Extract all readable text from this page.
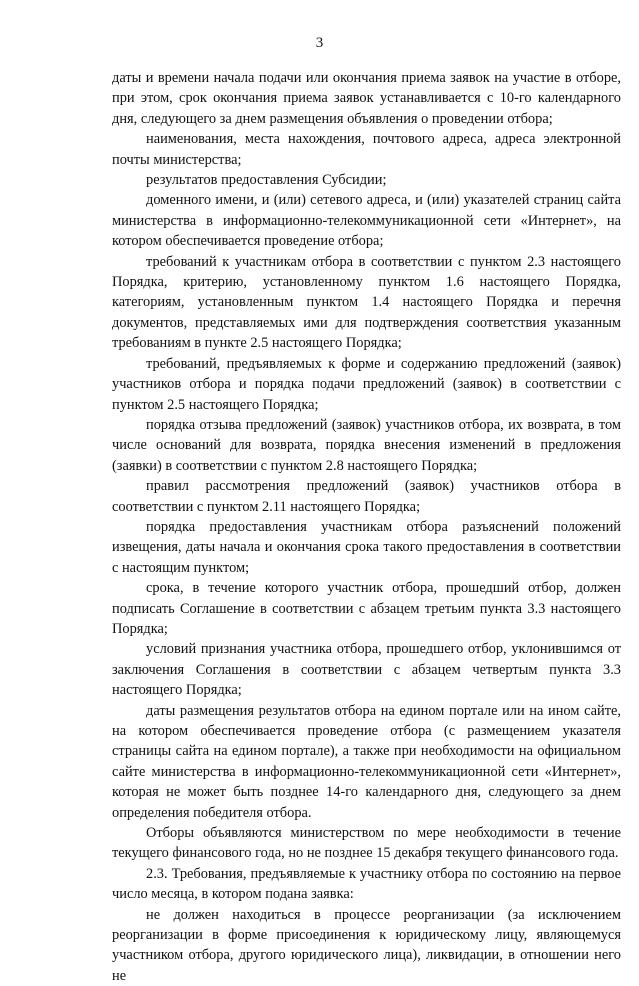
3

даты и времени начала подачи или окончания приема заявок на участие в отборе, при этом, срок окончания приема заявок устанавливается с 10-го календарного дня, следующего за днем размещения объявления о проведении отбора;

наименования, места нахождения, почтового адреса, адреса электронной почты министерства;

результатов предоставления Субсидии;

доменного имени, и (или) сетевого адреса, и (или) указателей страниц сайта министерства в информационно-телекоммуникационной сети «Интернет», на котором обеспечивается проведение отбора;

требований к участникам отбора в соответствии с пунктом 2.3 настоящего Порядка, критерию, установленному пунктом 1.6 настоящего Порядка, категориям, установленным пунктом 1.4 настоящего Порядка и перечня документов, представляемых ими для подтверждения соответствия указанным требованиям в пункте 2.5 настоящего Порядка;

требований, предъявляемых к форме и содержанию предложений (заявок) участников отбора и порядка подачи предложений (заявок) в соответствии с пунктом 2.5 настоящего Порядка;

порядка отзыва предложений (заявок) участников отбора, их возврата, в том числе оснований для возврата, порядка внесения изменений в предложения (заявки) в соответствии с пунктом 2.8 настоящего Порядка;

правил рассмотрения предложений (заявок) участников отбора в соответствии с пунктом 2.11 настоящего Порядка;

порядка предоставления участникам отбора разъяснений положений извещения, даты начала и окончания срока такого предоставления в соответствии с настоящим пунктом;

срока, в течение которого участник отбора, прошедший отбор, должен подписать Соглашение в соответствии с абзацем третьим пункта 3.3 настоящего Порядка;

условий признания участника отбора, прошедшего отбор, уклонившимся от заключения Соглашения в соответствии с абзацем четвертым пункта 3.3 настоящего Порядка;

даты размещения результатов отбора на едином портале или на ином сайте, на котором обеспечивается проведение отбора (с размещением указателя страницы сайта на едином портале), а также при необходимости на официальном сайте министерства в информационно-телекоммуникационной сети «Интернет», которая не может быть позднее 14-го календарного дня, следующего за днем определения победителя отбора.

Отборы объявляются министерством по мере необходимости в течение текущего финансового года, но не позднее 15 декабря текущего финансового года.

2.3. Требования, предъявляемые к участнику отбора по состоянию на первое число месяца, в котором подана заявка:

не должен находиться в процессе реорганизации (за исключением реорганизации в форме присоединения к юридическому лицу, являющемуся участником отбора, другого юридического лица), ликвидации, в отношении него не
